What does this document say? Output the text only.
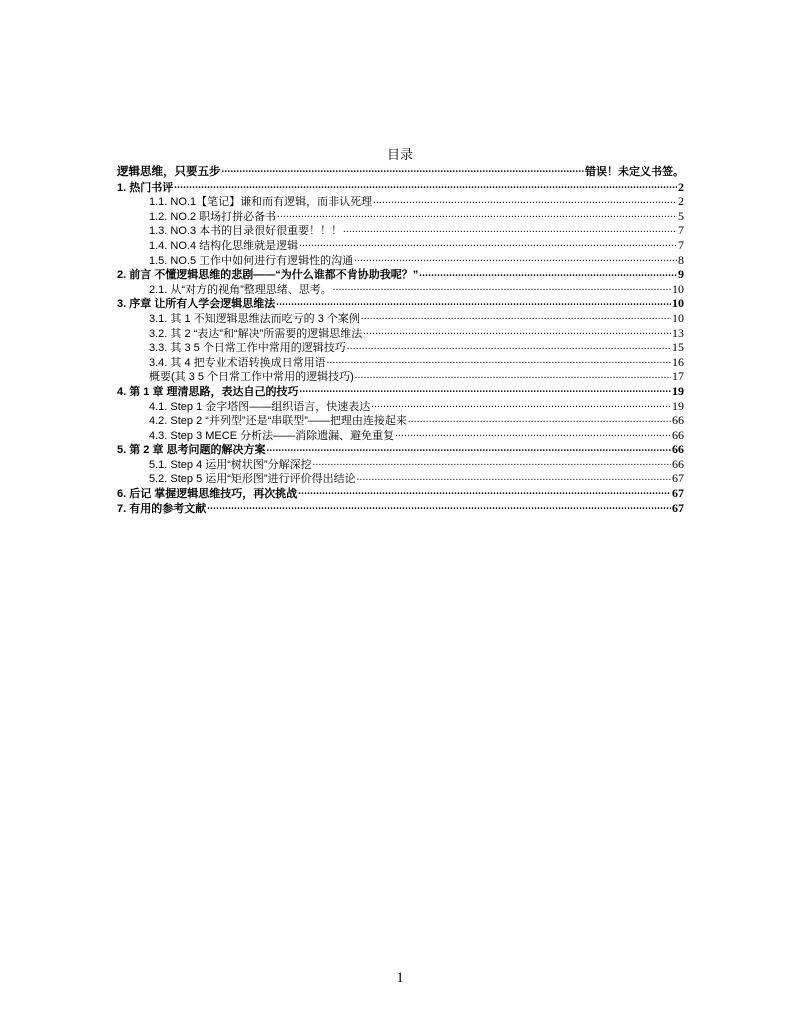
目录
逻辑思维，只要五步 .....	错误！未定义书签。
1. 热门书评 .....	2
1.1. NO.1【笔记】谦和而有逻辑，而非认死理 .....	2
1.2. NO.2 职场打拼必备书 .....	5
1.3. NO.3 本书的目录很好很重要！！！ .....	7
1.4. NO.4 结构化思维就是逻辑 .....	7
1.5. NO.5 工作中如何进行有逻辑性的沟通 .....	8
2. 前言 不懂逻辑思维的悲剧——“为什么谁都不肯协助我呢？” .....	9
2.1. 从“对方的视角”整理思绪、思考。 .....	10
3. 序章 让所有人学会逻辑思维法 .....	10
3.1. 其 1 不知逻辑思维法而吃亏的 3 个案例 .....	10
3.2. 其 2 “表达”和“解决”所需要的逻辑思维法 .....	13
3.3. 其 3 5 个日常工作中常用的逻辑技巧 .....	15
3.4. 其 4 把专业术语转换成日常用语 .....	16
概要(其 3 5 个日常工作中常用的逻辑技巧) .....	17
4. 第 1 章 理清思路，表达自己的技巧 .....	19
4.1. Step 1 金字塔图——组织语言，快速表达 .....	19
4.2. Step 2 “并列型”还是“串联型”——把理由连接起来 .....	66
4.3. Step 3 MECE 分析法——消除遗漏、避免重复 .....	66
5. 第 2 章 思考问题的解决方案 .....	66
5.1. Step 4 运用“树状图”分解深挖 .....	66
5.2. Step 5 运用“矩形图”进行评价得出结论 .....	67
6. 后记 掌握逻辑思维技巧，再次挑战 .....	67
7. 有用的参考文献 .....	67
1
